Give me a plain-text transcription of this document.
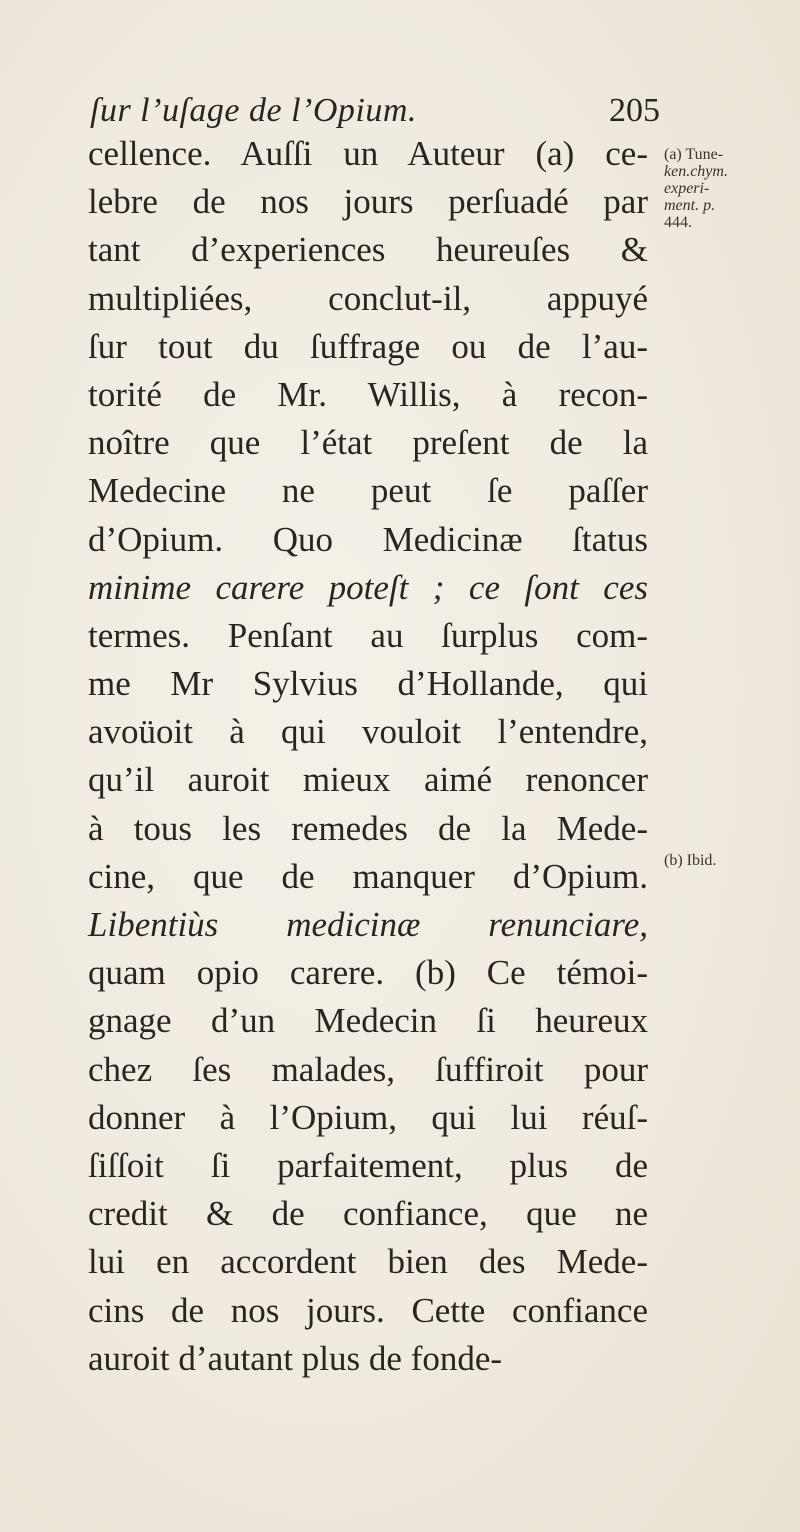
ſur l’uſage de l’Opium.	205
cellence. Auſſi un Auteur (a) ce-
lebre de nos jours perſuadé par
tant d’experiences heureuſes &
multipliées, conclut-il, appuyé
ſur tout du ſuffrage ou de l’au-
torité de Mr. Willis, à recon-
noître que l’état preſent de la
Medecine ne peut ſe paſſer
d’Opium. Quo Medicinæ ſtatus
minime carere poteſt ; ce ſont ces
termes. Penſant au ſurplus com-
me Mr Sylvius d’Hollande, qui
avoüoit à qui vouloit l’entendre,
qu’il auroit mieux aimé renoncer
à tous les remedes de la Mede-
cine, que de manquer d’Opium.
Libentiùs medicinæ renunciare,
quam opio carere. (b) Ce témoi-
gnage d’un Medecin ſi heureux
chez ſes malades, ſuffiroit pour
donner à l’Opium, qui lui réuſ-
ſiſſoit ſi parfaitement, plus de
credit & de confiance, que ne
lui en accordent bien des Mede-
cins de nos jours. Cette confiance
auroit d’autant plus de fonde-
(a) Tune-
ken.chym.
experi-
ment. p.
444.
(b) Ibid.
